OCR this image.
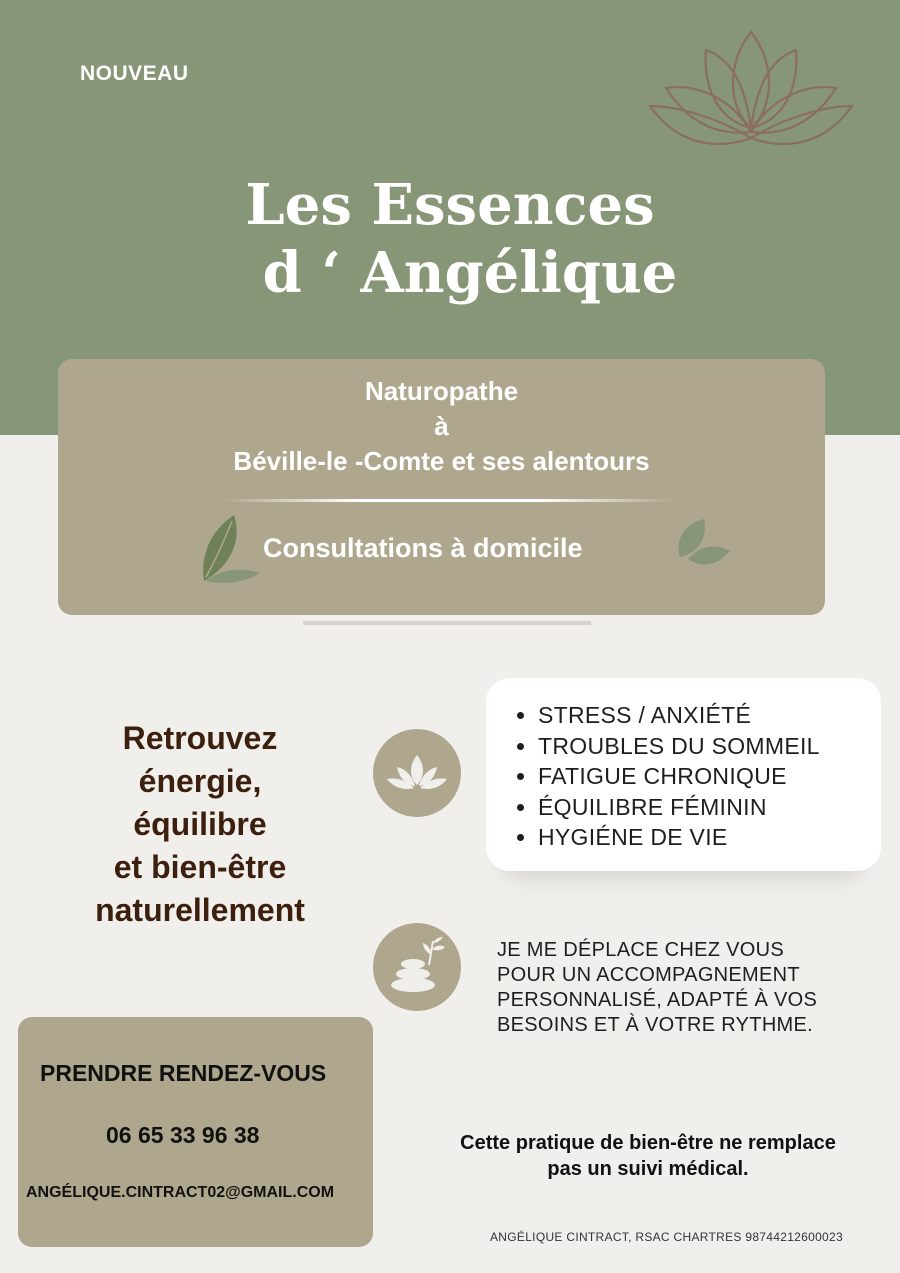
NOUVEAU
Les Essences
d ‘ Angélique
Naturopathe
à
Béville-le -Comte et ses alentours
Consultations à domicile
Retrouvez
énergie,
équilibre
et bien-être
naturellement
• STRESS / ANXIÉTÉ
• TROUBLES DU SOMMEIL
• FATIGUE CHRONIQUE
• ÉQUILIBRE FÉMININ
• HYGIÉNE DE VIE
JE ME DÉPLACE CHEZ VOUS
POUR UN ACCOMPAGNEMENT
PERSONNALISÉ, ADAPTÉ À VOS
BESOINS ET À VOTRE RYTHME.
PRENDRE RENDEZ-VOUS
06 65 33 96 38
ANGÉLIQUE.CINTRACT02@GMAIL.COM
Cette pratique de bien-être ne remplace
pas un suivi médical.
ANGÉLIQUE CINTRACT, RSAC CHARTRES 98744212600023
